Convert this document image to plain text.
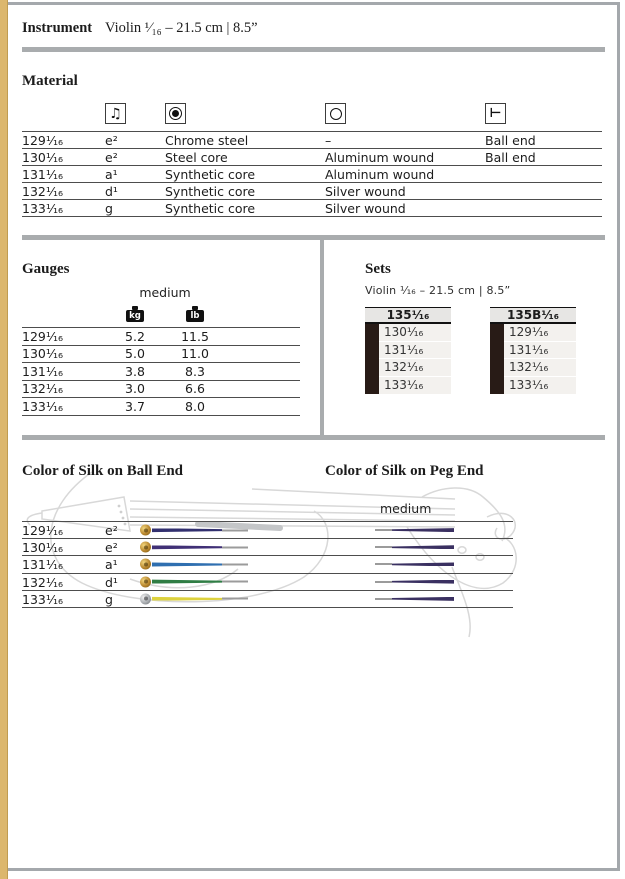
Instrument Violin ¹⁄₁₆ – 21.5 cm | 8.5”
Material
♫	⊢
129¹⁄₁₆	e²	Chrome steel	–	Ball end
130¹⁄₁₆	e²	Steel core	Aluminum wound	Ball end
131¹⁄₁₆	a¹	Synthetic core	Aluminum wound
132¹⁄₁₆	d¹	Synthetic core	Silver wound
133¹⁄₁₆	g	Synthetic core	Silver wound
Gauges
medium
kg	lb
129¹⁄₁₆	5.2	11.5
130¹⁄₁₆	5.0	11.0
131¹⁄₁₆	3.8	8.3
132¹⁄₁₆	3.0	6.6
133¹⁄₁₆	3.7	8.0
Sets
Violin ¹⁄₁₆ – 21.5 cm | 8.5”
135¹⁄₁₆
130¹⁄₁₆
131¹⁄₁₆
132¹⁄₁₆
133¹⁄₁₆
135B¹⁄₁₆
129¹⁄₁₆
131¹⁄₁₆
132¹⁄₁₆
133¹⁄₁₆
Color of Silk on Ball End	Color of Silk on Peg End
medium
129¹⁄₁₆	e²
130¹⁄₁₆	e²
131¹⁄₁₆	a¹
132¹⁄₁₆	d¹
133¹⁄₁₆	g
